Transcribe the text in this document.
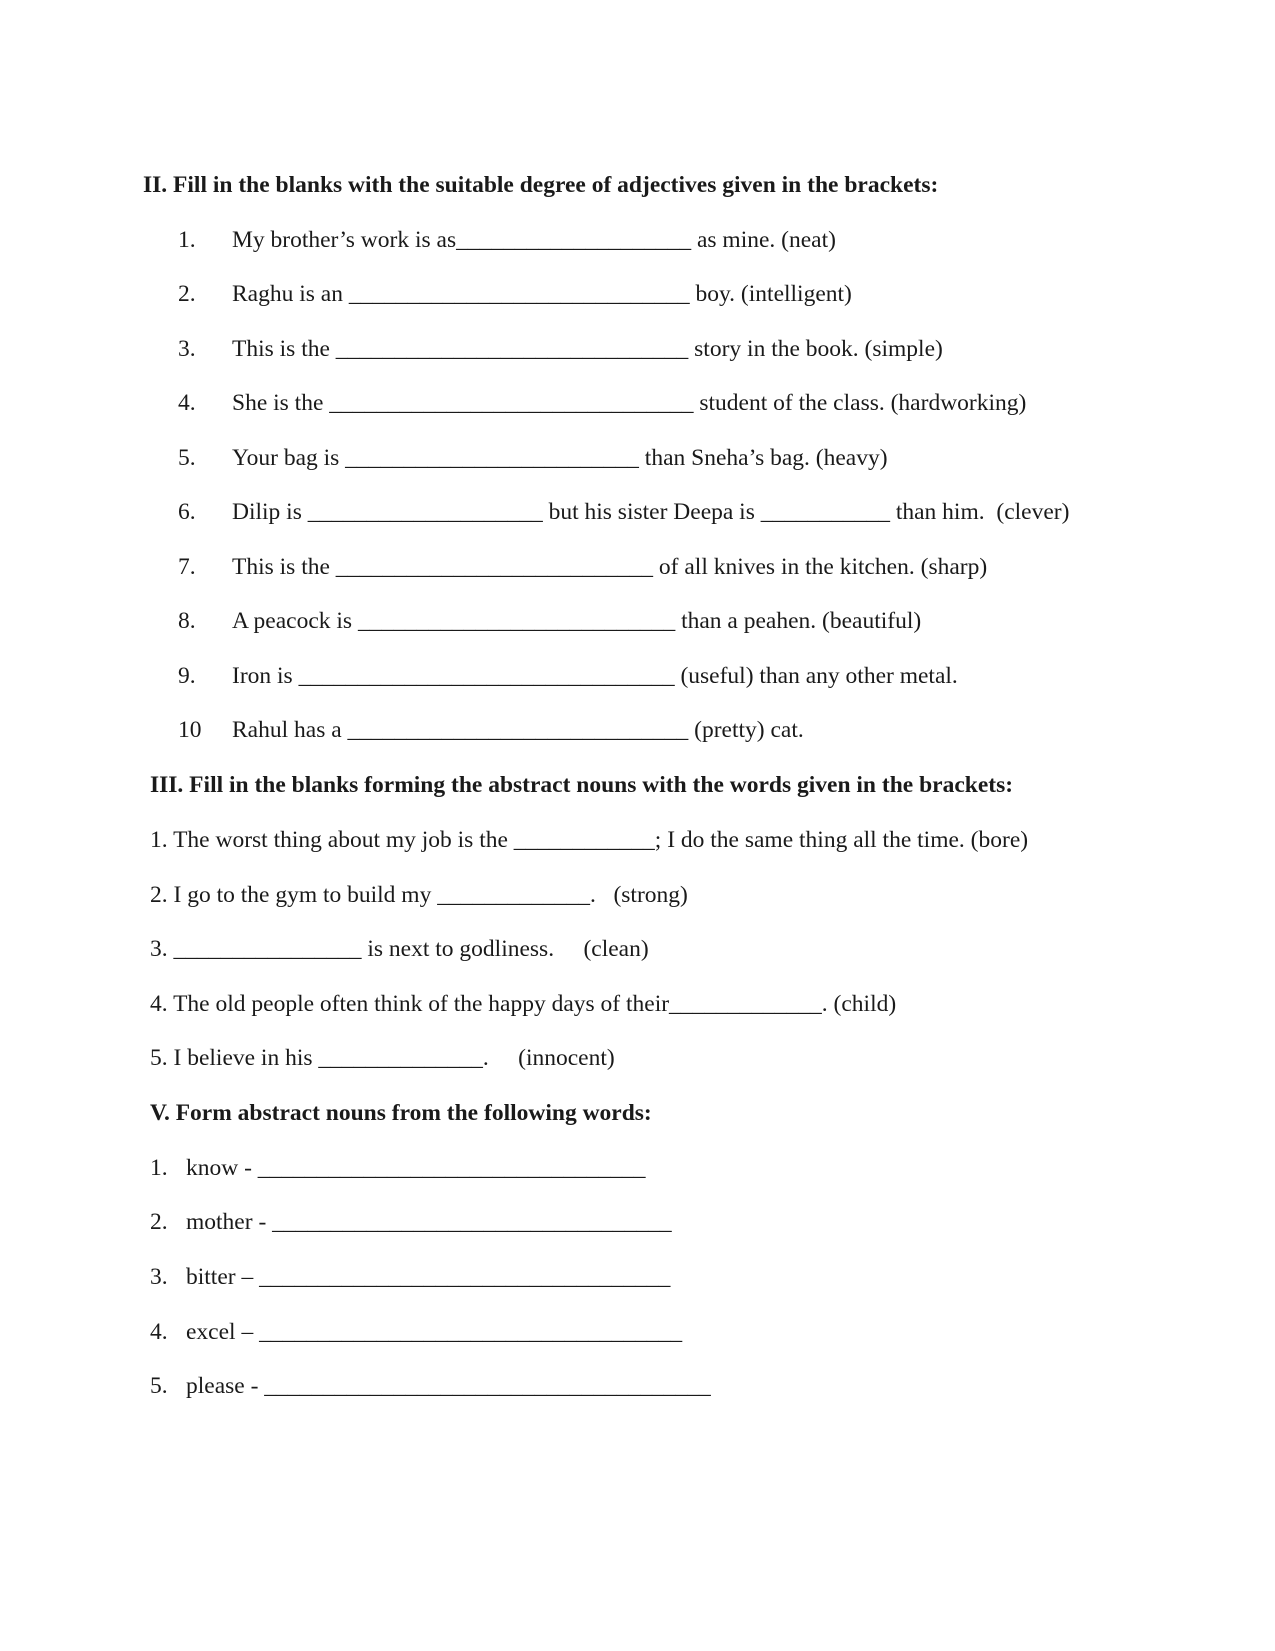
II. Fill in the blanks with the suitable degree of adjectives given in the brackets:
1. My brother’s work is as____________________ as mine. (neat)
2. Raghu is an _____________________________ boy. (intelligent)
3. This is the ______________________________ story in the book. (simple)
4. She is the _______________________________ student of the class. (hardworking)
5. Your bag is _________________________ than Sneha’s bag. (heavy)
6. Dilip is ____________________ but his sister Deepa is ___________ than him.  (clever)
7. This is the ___________________________ of all knives in the kitchen. (sharp)
8. A peacock is ___________________________ than a peahen. (beautiful)
9. Iron is ________________________________ (useful) than any other metal.
10 Rahul has a _____________________________ (pretty) cat.
III. Fill in the blanks forming the abstract nouns with the words given in the brackets:
1. The worst thing about my job is the ____________; I do the same thing all the time. (bore)
2. I go to the gym to build my _____________.   (strong)
3. ________________ is next to godliness.     (clean)
4. The old people often think of the happy days of their_____________. (child)
5. I believe in his ______________.     (innocent)
V. Form abstract nouns from the following words:
1. know - _________________________________
2. mother - __________________________________
3. bitter – ___________________________________
4. excel – ____________________________________
5. please - ______________________________________
